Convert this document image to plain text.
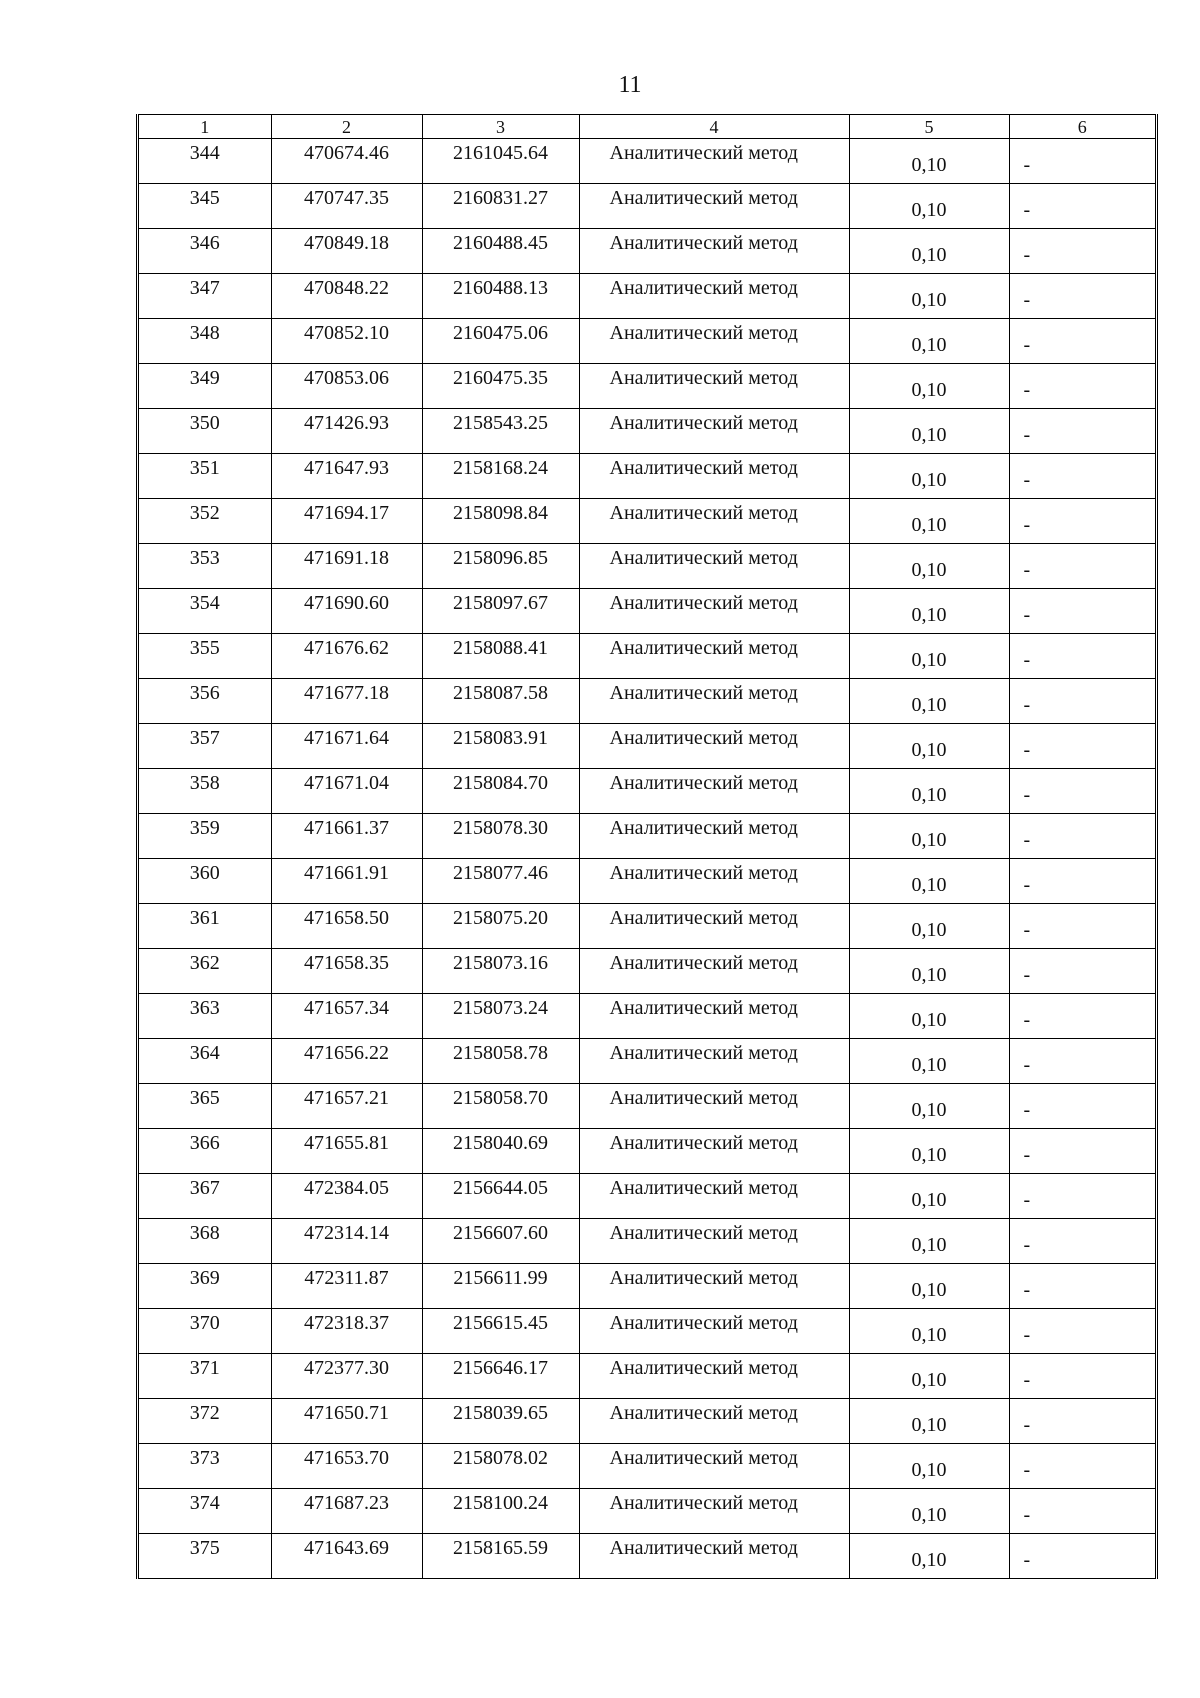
11
1	2	3	4	5	6
344	470674.46	2161045.64	Аналитический метод	0,10	-
345	470747.35	2160831.27	Аналитический метод	0,10	-
346	470849.18	2160488.45	Аналитический метод	0,10	-
347	470848.22	2160488.13	Аналитический метод	0,10	-
348	470852.10	2160475.06	Аналитический метод	0,10	-
349	470853.06	2160475.35	Аналитический метод	0,10	-
350	471426.93	2158543.25	Аналитический метод	0,10	-
351	471647.93	2158168.24	Аналитический метод	0,10	-
352	471694.17	2158098.84	Аналитический метод	0,10	-
353	471691.18	2158096.85	Аналитический метод	0,10	-
354	471690.60	2158097.67	Аналитический метод	0,10	-
355	471676.62	2158088.41	Аналитический метод	0,10	-
356	471677.18	2158087.58	Аналитический метод	0,10	-
357	471671.64	2158083.91	Аналитический метод	0,10	-
358	471671.04	2158084.70	Аналитический метод	0,10	-
359	471661.37	2158078.30	Аналитический метод	0,10	-
360	471661.91	2158077.46	Аналитический метод	0,10	-
361	471658.50	2158075.20	Аналитический метод	0,10	-
362	471658.35	2158073.16	Аналитический метод	0,10	-
363	471657.34	2158073.24	Аналитический метод	0,10	-
364	471656.22	2158058.78	Аналитический метод	0,10	-
365	471657.21	2158058.70	Аналитический метод	0,10	-
366	471655.81	2158040.69	Аналитический метод	0,10	-
367	472384.05	2156644.05	Аналитический метод	0,10	-
368	472314.14	2156607.60	Аналитический метод	0,10	-
369	472311.87	2156611.99	Аналитический метод	0,10	-
370	472318.37	2156615.45	Аналитический метод	0,10	-
371	472377.30	2156646.17	Аналитический метод	0,10	-
372	471650.71	2158039.65	Аналитический метод	0,10	-
373	471653.70	2158078.02	Аналитический метод	0,10	-
374	471687.23	2158100.24	Аналитический метод	0,10	-
375	471643.69	2158165.59	Аналитический метод	0,10	-
